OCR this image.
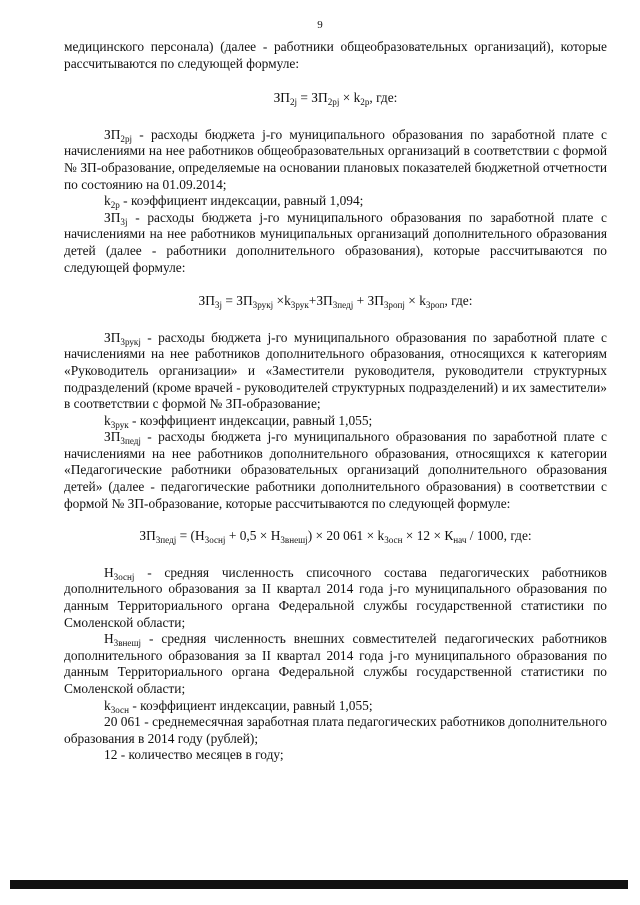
9

медицинского персонала) (далее - работники общеобразовательных организаций), которые рассчитываются по следующей формуле:

$ЗП_{2j} = ЗП_{2pj} \times k_{2p}$, где:

$ЗП_{2pj}$ - расходы бюджета j-го муниципального образования по заработной плате с начислениями на нее работников общеобразовательных организаций в соответствии с формой № ЗП-образование, определяемые на основании плановых показателей бюджетной отчетности по состоянию на 01.09.2014;

$k_{2p}$ - коэффициент индексации, равный 1,094;

$ЗП_{3j}$ - расходы бюджета j-го муниципального образования по заработной плате с начислениями на нее работников муниципальных организаций дополнительного образования детей (далее - работники дополнительного образования), которые рассчитываются по следующей формуле:

$ЗП_{3j} = ЗП_{3рукj} \times k_{3рук}+ЗП_{3педj} + ЗП_{3ропj} \times k_{3роп}$, где:

$ЗП_{3рукj}$ - расходы бюджета j-го муниципального образования по заработной плате с начислениями на нее работников дополнительного образования, относящихся к категориям «Руководитель организации» и «Заместители руководителя, руководители структурных подразделений (кроме врачей - руководителей структурных подразделений) и их заместители» в соответствии с формой № ЗП-образование;

$k_{3рук}$ - коэффициент индексации, равный 1,055;

$ЗП_{3педj}$ - расходы бюджета j-го муниципального образования по заработной плате с начислениями на нее работников дополнительного образования, относящихся к категории «Педагогические работники образовательных организаций дополнительного образования детей» (далее - педагогические работники дополнительного образования) в соответствии с формой № ЗП-образование, которые рассчитываются по следующей формуле:

$ЗП_{3педj} = (Н_{3оснj} + 0,5 \times Н_{3внешj}) \times 20$ $061 \times k_{3осн} \times 12 \times К_{нач} / 1000$, где:

$Н_{3оснj}$ - средняя численность списочного состава педагогических работников дополнительного образования за II квартал 2014 года j-го муниципального образования по данным Территориального органа Федеральной службы государственной статистики по Смоленской области;

$Н_{3внешj}$ - средняя численность внешних совместителей педагогических работников дополнительного образования за II квартал 2014 года j-го муниципального образования по данным Территориального органа Федеральной службы государственной статистики по Смоленской области;

$k_{3осн}$ - коэффициент индексации, равный 1,055;

20 061 - среднемесячная заработная плата педагогических работников дополнительного образования в 2014 году (рублей);

12 - количество месяцев в году;
